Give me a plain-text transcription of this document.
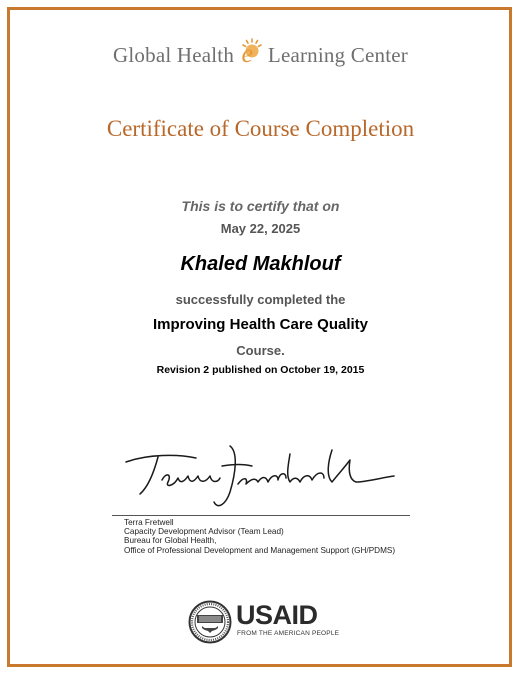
Global Health e Learning Center
Certificate of Course Completion
This is to certify that on
May 22, 2025
Khaled Makhlouf
successfully completed the
Improving Health Care Quality
Course.
Revision 2 published on October 19, 2015
Terra Fretwell
Capacity Development Advisor (Team Lead)
Bureau for Global Health,
Office of Professional Development and Management Support (GH/PDMS)
USAID
FROM THE AMERICAN PEOPLE
